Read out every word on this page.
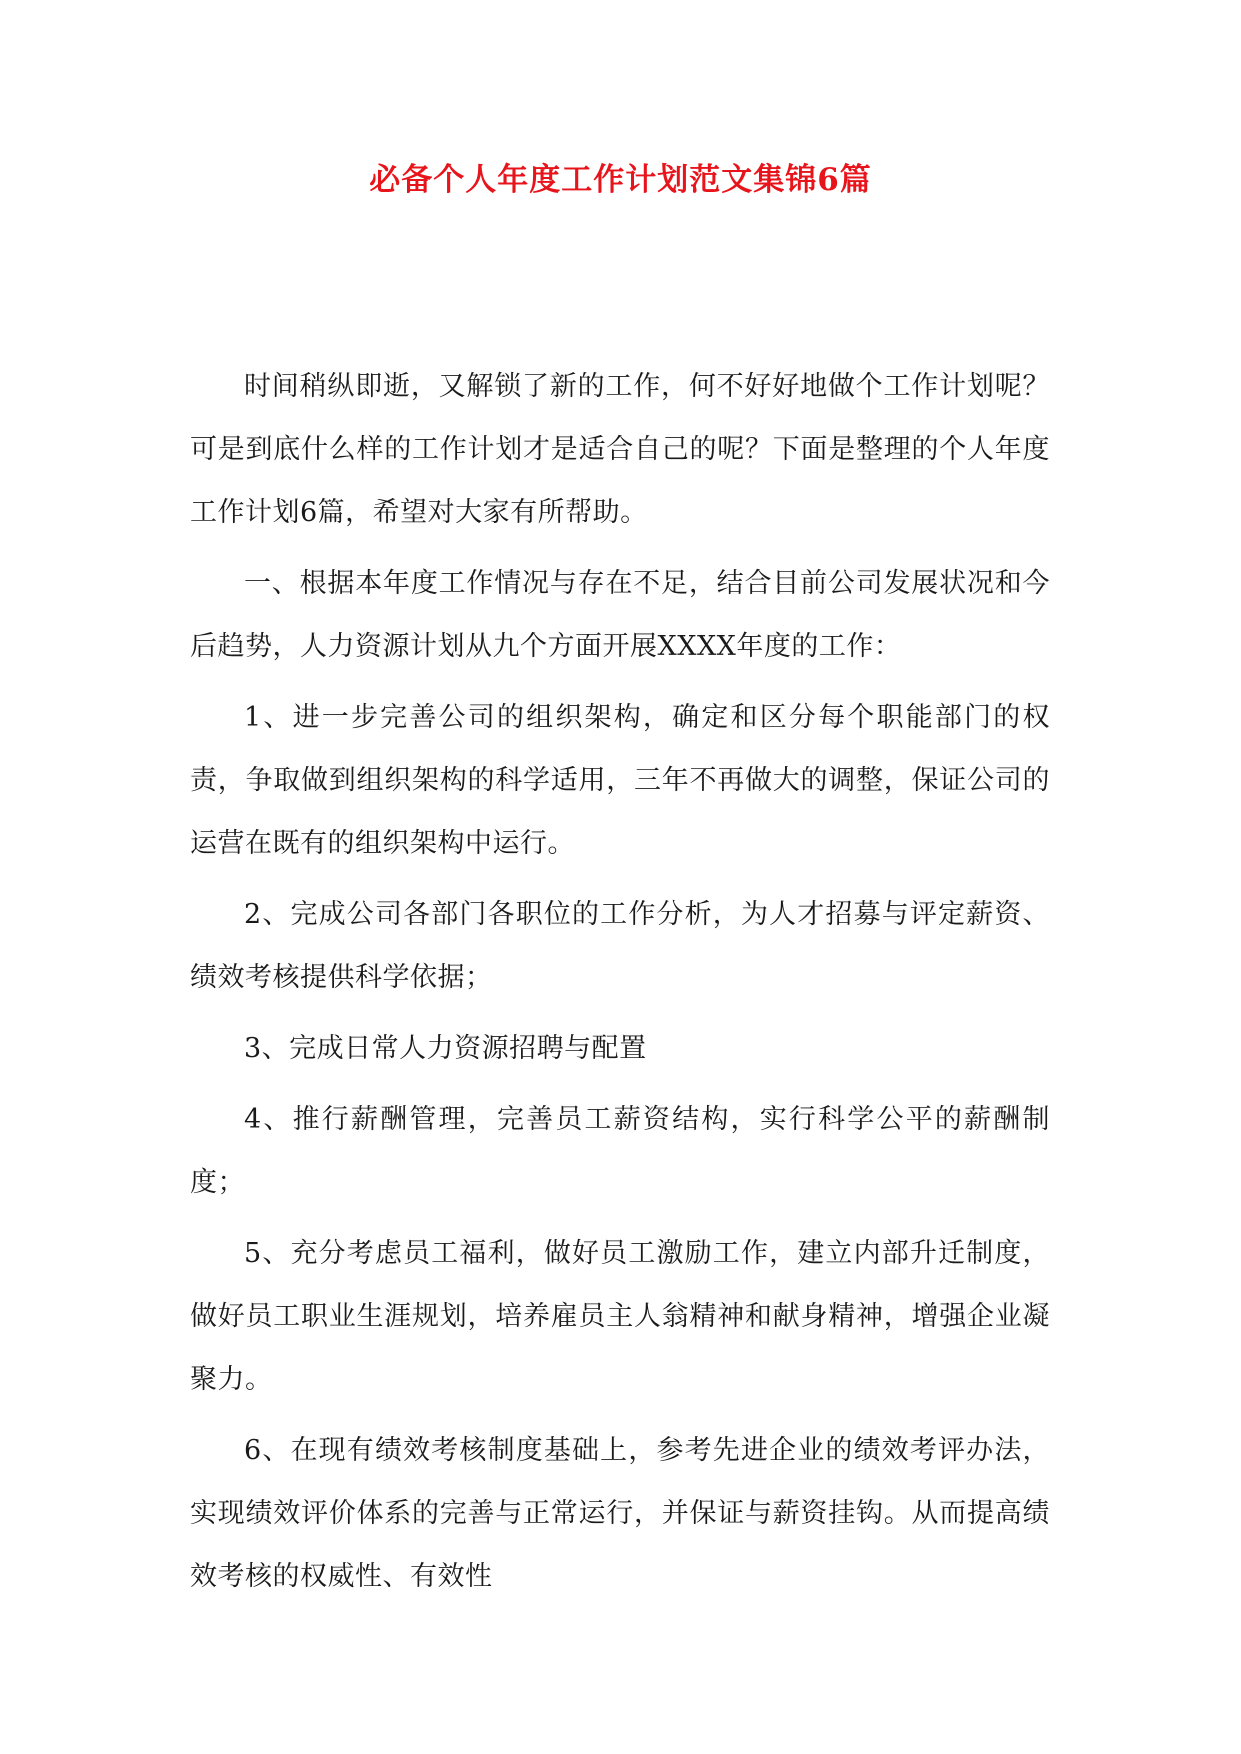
必备个人年度工作计划范文集锦6篇

时间稍纵即逝，又解锁了新的工作，何不好好地做个工作计划呢？可是到底什么样的工作计划才是适合自己的呢？下面是整理的个人年度工作计划6篇，希望对大家有所帮助。

一、根据本年度工作情况与存在不足，结合目前公司发展状况和今后趋势，人力资源计划从九个方面开展XXXX年度的工作：

1、进一步完善公司的组织架构，确定和区分每个职能部门的权责，争取做到组织架构的科学适用，三年不再做大的调整，保证公司的运营在既有的组织架构中运行。

2、完成公司各部门各职位的工作分析，为人才招募与评定薪资、绩效考核提供科学依据；

3、完成日常人力资源招聘与配置

4、推行薪酬管理，完善员工薪资结构，实行科学公平的薪酬制度；

5、充分考虑员工福利，做好员工激励工作，建立内部升迁制度，做好员工职业生涯规划，培养雇员主人翁精神和献身精神，增强企业凝聚力。

6、在现有绩效考核制度基础上，参考先进企业的绩效考评办法，实现绩效评价体系的完善与正常运行，并保证与薪资挂钩。从而提高绩效考核的权威性、有效性
